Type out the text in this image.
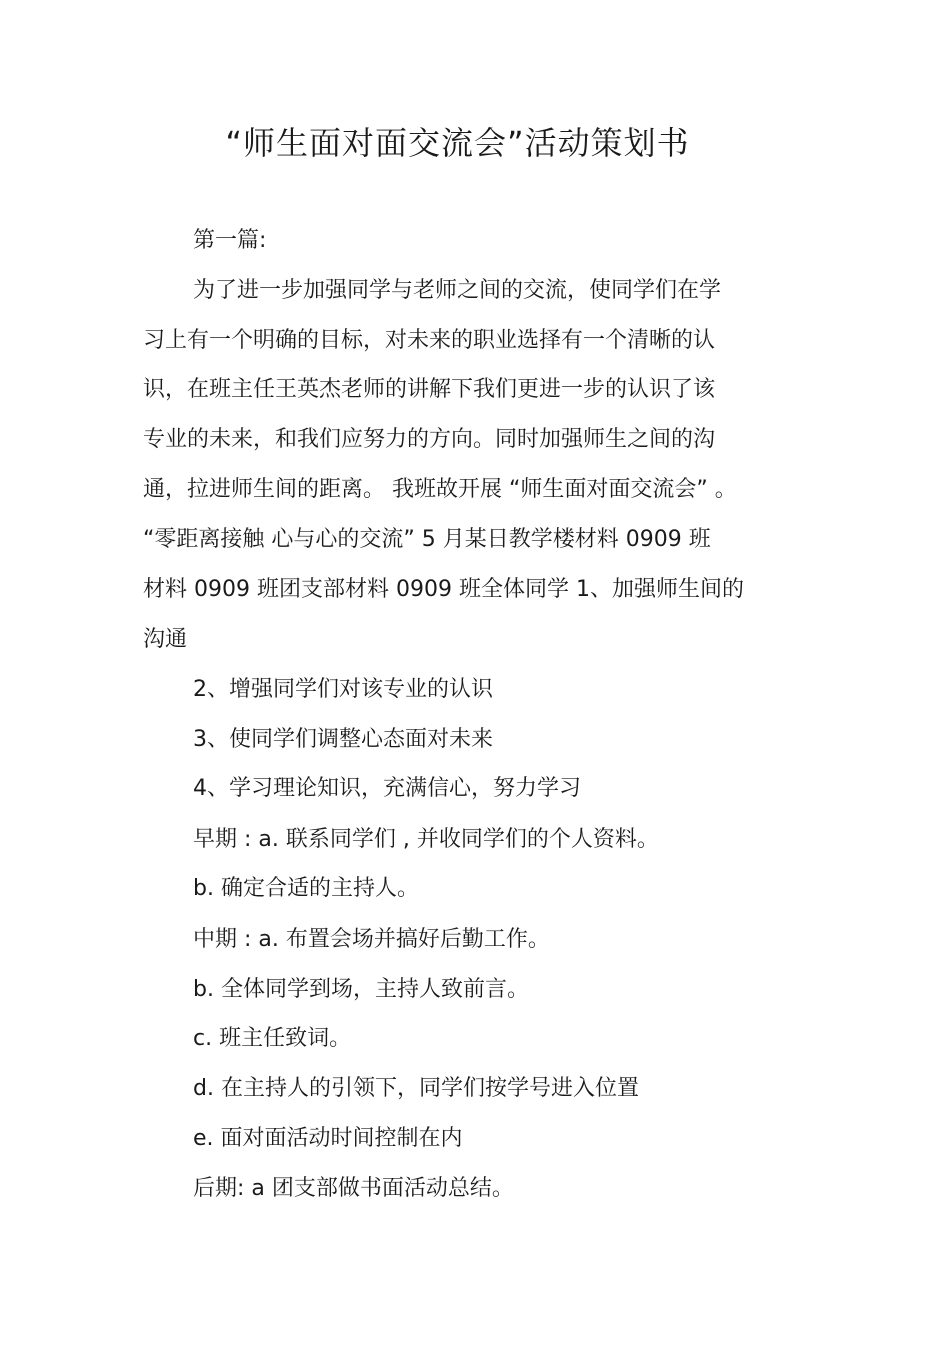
“师生面对面交流会”活动策划书
第一篇:
为了进一步加强同学与老师之间的交流，使同学们在学
习上有一个明确的目标，对未来的职业选择有一个清晰的认
识，在班主任王英杰老师的讲解下我们更进一步的认识了该
专业的未来，和我们应努力的方向。同时加强师生之间的沟
通，拉进师生间的距离。 我班故开展 “师生面对面交流会” 。
“零距离接触 心与心的交流” 5 月某日教学楼材料 0909 班
材料 0909 班团支部材料 0909 班全体同学 1、加强师生间的
沟通
2、增强同学们对该专业的认识
3、使同学们调整心态面对未来
4、学习理论知识，充满信心，努力学习
早期 : a. 联系同学们 , 并收同学们的个人资料。
b. 确定合适的主持人。
中期 : a. 布置会场并搞好后勤工作。
b. 全体同学到场，主持人致前言。
c. 班主任致词。
d. 在主持人的引领下，同学们按学号进入位置
e. 面对面活动时间控制在内
后期: a 团支部做书面活动总结。
